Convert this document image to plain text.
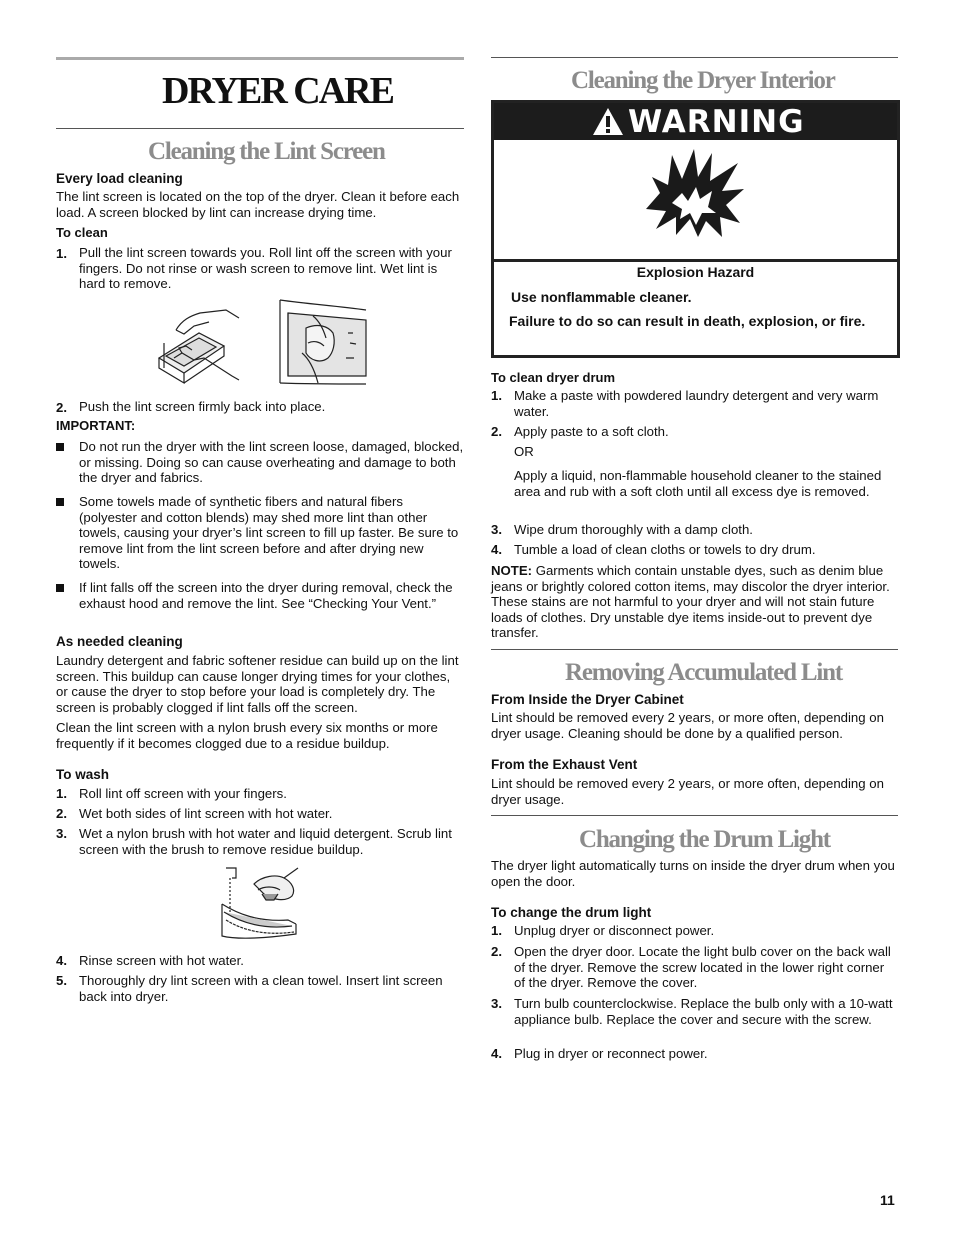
DRYER CARE
Cleaning the Lint Screen
Every load cleaning

The lint screen is located on the top of the dryer. Clean it before each load. A screen blocked by lint can increase drying time.

To clean
1. Pull the lint screen towards you. Roll lint off the screen with your fingers. Do not rinse or wash screen to remove lint. Wet lint is hard to remove.

2. Push the lint screen firmly back into place.

IMPORTANT:

Do not run the dryer with the lint screen loose, damaged, blocked, or missing. Doing so can cause overheating and damage to both the dryer and fabrics.

Some towels made of synthetic fibers and natural fibers (polyester and cotton blends) may shed more lint than other towels, causing your dryer’s lint screen to fill up faster. Be sure to remove lint from the lint screen before and after drying new towels.

If lint falls off the screen into the dryer during removal, check the exhaust hood and remove the lint. See “Checking Your Vent.”

As needed cleaning

Laundry detergent and fabric softener residue can build up on the lint screen. This buildup can cause longer drying times for your clothes, or cause the dryer to stop before your load is completely dry. The screen is probably clogged if lint falls off the screen.

Clean the lint screen with a nylon brush every six months or more frequently if it becomes clogged due to a residue buildup.

To wash
1. Roll lint off screen with your fingers.

2. Wet both sides of lint screen with hot water.

3. Wet a nylon brush with hot water and liquid detergent. Scrub lint screen with the brush to remove residue buildup.

4. Rinse screen with hot water.

5. Thoroughly dry lint screen with a clean towel. Insert lint screen back into dryer.

Cleaning the Dryer Interior
WARNING
Explosion Hazard
Use nonflammable cleaner.
Failure to do so can result in death, explosion, or fire.
To clean dryer drum
1. Make a paste with powdered laundry detergent and very warm water.

2. Apply paste to a soft cloth.

OR

Apply a liquid, non-flammable household cleaner to the stained area and rub with a soft cloth until all excess dye is removed.

3. Wipe drum thoroughly with a damp cloth.

4. Tumble a load of clean cloths or towels to dry drum.

NOTE: Garments which contain unstable dyes, such as denim blue jeans or brightly colored cotton items, may discolor the dryer interior. These stains are not harmful to your dryer and will not stain future loads of clothes. Dry unstable dye items inside-out to prevent dye transfer.

Removing Accumulated Lint
From Inside the Dryer Cabinet

Lint should be removed every 2 years, or more often, depending on dryer usage. Cleaning should be done by a qualified person.

From the Exhaust Vent

Lint should be removed every 2 years, or more often, depending on dryer usage.

Changing the Drum Light

The dryer light automatically turns on inside the dryer drum when you open the door.

To change the drum light
1. Unplug dryer or disconnect power.

2. Open the dryer door. Locate the light bulb cover on the back wall of the dryer. Remove the screw located in the lower right corner of the dryer. Remove the cover.

3. Turn bulb counterclockwise. Replace the bulb only with a 10-watt appliance bulb. Replace the cover and secure with the screw.

4. Plug in dryer or reconnect power.

11
